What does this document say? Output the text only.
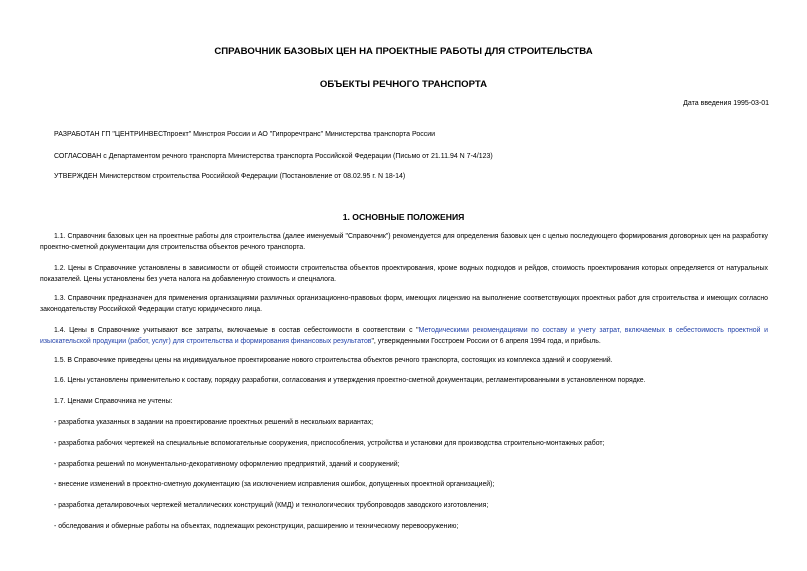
СПРАВОЧНИК БАЗОВЫХ ЦЕН НА ПРОЕКТНЫЕ РАБОТЫ ДЛЯ СТРОИТЕЛЬСТВА
ОБЪЕКТЫ РЕЧНОГО ТРАНСПОРТА
Дата введения 1995-03-01
РАЗРАБОТАН ГП "ЦЕНТРИНВЕСТпроект" Минстроя России и АО "Гипроречтранс" Министерства транспорта России
СОГЛАСОВАН с Департаментом речного транспорта Министерства транспорта Российской Федерации (Письмо от 21.11.94 N 7-4/123)
УТВЕРЖДЕН Министерством строительства Российской Федерации (Постановление от 08.02.95 г. N 18-14)
1. ОСНОВНЫЕ ПОЛОЖЕНИЯ
1.1. Справочник базовых цен на проектные работы для строительства (далее именуемый "Справочник") рекомендуется для определения базовых цен с целью последующего формирования договорных цен на разработку проектно-сметной документации для строительства объектов речного транспорта.
1.2. Цены в Справочнике установлены в зависимости от общей стоимости строительства объектов проектирования, кроме водных подходов и рейдов, стоимость проектирования которых определяется от натуральных показателей. Цены установлены без учета налога на добавленную стоимость и спецналога.
1.3. Справочник предназначен для применения организациями различных организационно-правовых форм, имеющих лицензию на выполнение соответствующих проектных работ для строительства и имеющих согласно законодательству Российской Федерации статус юридического лица.
1.4. Цены в Справочнике учитывают все затраты, включаемые в состав себестоимости в соответствии с "Методическими рекомендациями по составу и учету затрат, включаемых в себестоимость проектной и изыскательской продукции (работ, услуг) для строительства и формирования финансовых результатов", утвержденными Госстроем России от 6 апреля 1994 года, и прибыль.
1.5. В Справочнике приведены цены на индивидуальное проектирование нового строительства объектов речного транспорта, состоящих из комплекса зданий и сооружений.
1.6. Цены установлены применительно к составу, порядку разработки, согласования и утверждения проектно-сметной документации, регламентированными в установленном порядке.
1.7. Ценами Справочника не учтены:
- разработка указанных в задании на проектирование проектных решений в нескольких вариантах;
- разработка рабочих чертежей на специальные вспомогательные сооружения, приспособления, устройства и установки для производства строительно-монтажных работ;
- разработка решений по монументально-декоративному оформлению предприятий, зданий и сооружений;
- внесение изменений в проектно-сметную документацию (за исключением исправления ошибок, допущенных проектной организацией);
- разработка деталировочных чертежей металлических конструкций (КМД) и технологических трубопроводов заводского изготовления;
- обследования и обмерные работы на объектах, подлежащих реконструкции, расширению и техническому перевооружению;
